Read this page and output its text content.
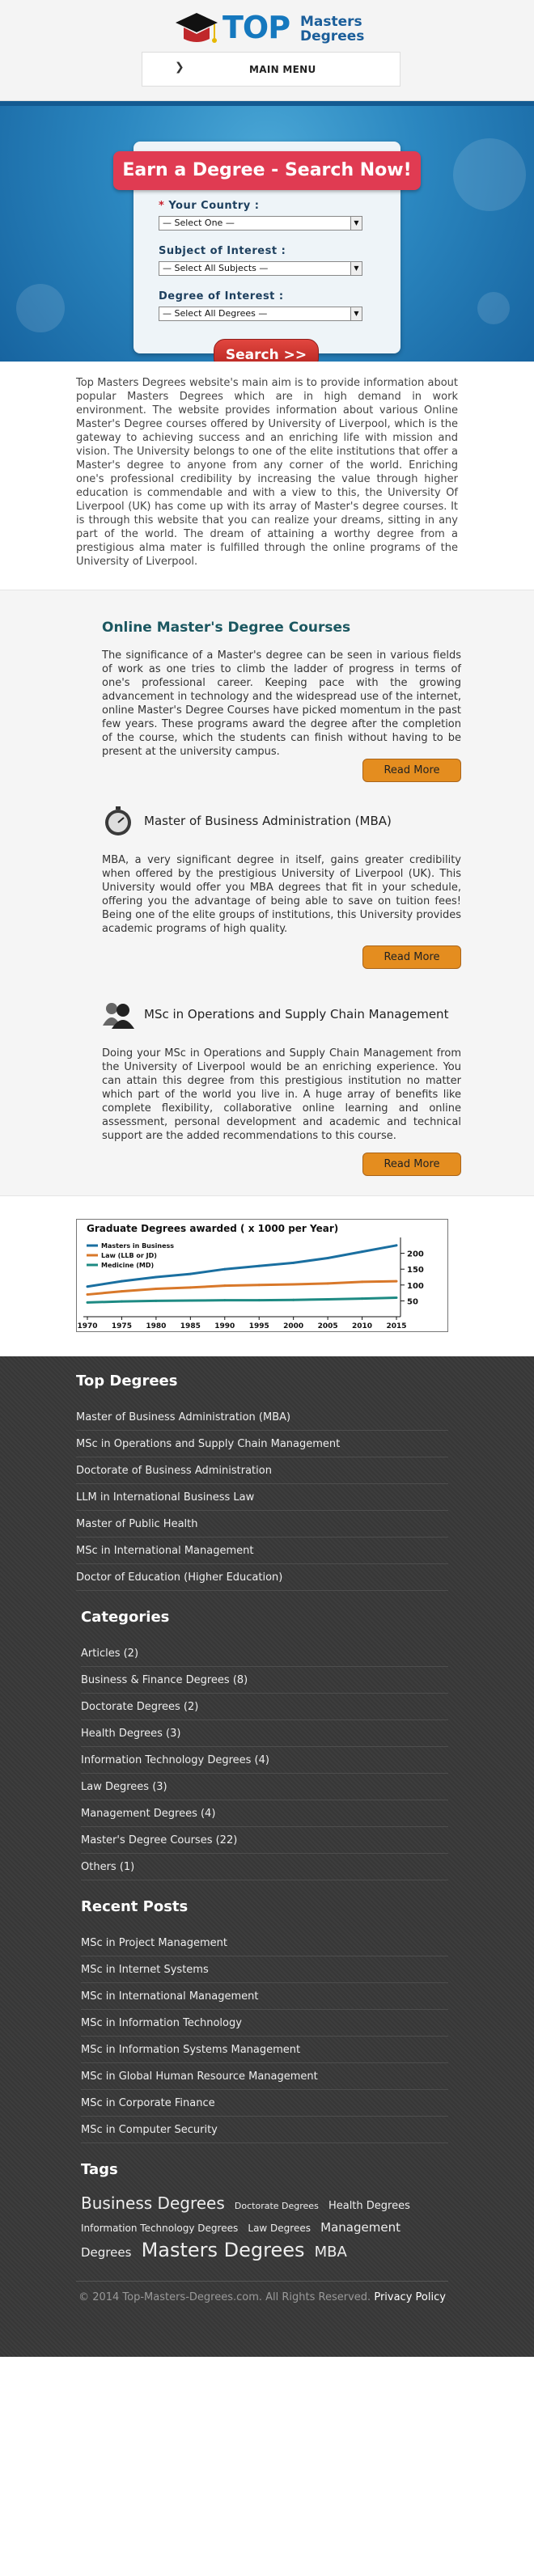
TOP Masters
Degrees
❯	MAIN MENU
Earn a Degree - Search Now!
* Your Country :
— Select One —	▼
Subject of Interest :
— Select All Subjects —	▼
Degree of Interest :
— Select All Degrees —	▼
Search >>
Top Masters Degrees website's main aim is to provide information about popular Masters Degrees which are in high demand in work environment. The website provides information about various Online Master's Degree courses offered by University of Liverpool, which is the gateway to achieving success and an enriching life with mission and vision. The University belongs to one of the elite institutions that offer a Master's degree to anyone from any corner of the world. Enriching one's professional credibility by increasing the value through higher education is commendable and with a view to this, the University Of Liverpool (UK) has come up with its array of Master's degree courses. It is through this website that you can realize your dreams, sitting in any part of the world. The dream of attaining a worthy degree from a prestigious alma mater is fulfilled through the online programs of the University of Liverpool.
Online Master's Degree Courses

The significance of a Master's degree can be seen in various fields of work as one tries to climb the ladder of progress in terms of one's professional career. Keeping pace with the growing advancement in technology and the widespread use of the internet, online Master's Degree Courses have picked momentum in the past few years. These programs award the degree after the completion of the course, which the students can finish without having to be present at the university campus.

Read More
Master of Business Administration (MBA)

MBA, a very significant degree in itself, gains greater credibility when offered by the prestigious University of Liverpool (UK). This University would offer you MBA degrees that fit in your schedule, offering you the advantage of being able to save on tuition fees! Being one of the elite groups of institutions, this University provides academic programs of high quality.

Read More
MSc in Operations and Supply Chain Management

Doing your MSc in Operations and Supply Chain Management from the University of Liverpool would be an enriching experience. You can attain this degree from this prestigious institution no matter which part of the world you live in. A huge array of benefits like complete flexibility, collaborative online learning and online assessment, personal development and academic and technical support are the added recommendations to this course.

Read More
Graduate Degrees awarded ( x 1000 per Year)
50
100
150
200
1970 1975 1980 1985 1990 1995 2000 2005 2010 2015
Masters in Business
Law (LLB or JD)
Medicine (MD)
Top Degrees
Master of Business Administration (MBA)
MSc in Operations and Supply Chain Management
Doctorate of Business Administration
LLM in International Business Law
Master of Public Health
MSc in International Management
Doctor of Education (Higher Education)
Categories
Articles (2)
Business & Finance Degrees (8)
Doctorate Degrees (2)
Health Degrees (3)
Information Technology Degrees (4)
Law Degrees (3)
Management Degrees (4)
Master's Degree Courses (22)
Others (1)
Recent Posts
MSc in Project Management
MSc in Internet Systems
MSc in International Management
MSc in Information Technology
MSc in Information Systems Management
MSc in Global Human Resource Management
MSc in Corporate Finance
MSc in Computer Security
Tags
Business Degrees Doctorate Degrees Health Degrees Information Technology Degrees Law Degrees Management Degrees Masters Degrees MBA
© 2014 Top-Masters-Degrees.com. All Rights Reserved. Privacy Policy
